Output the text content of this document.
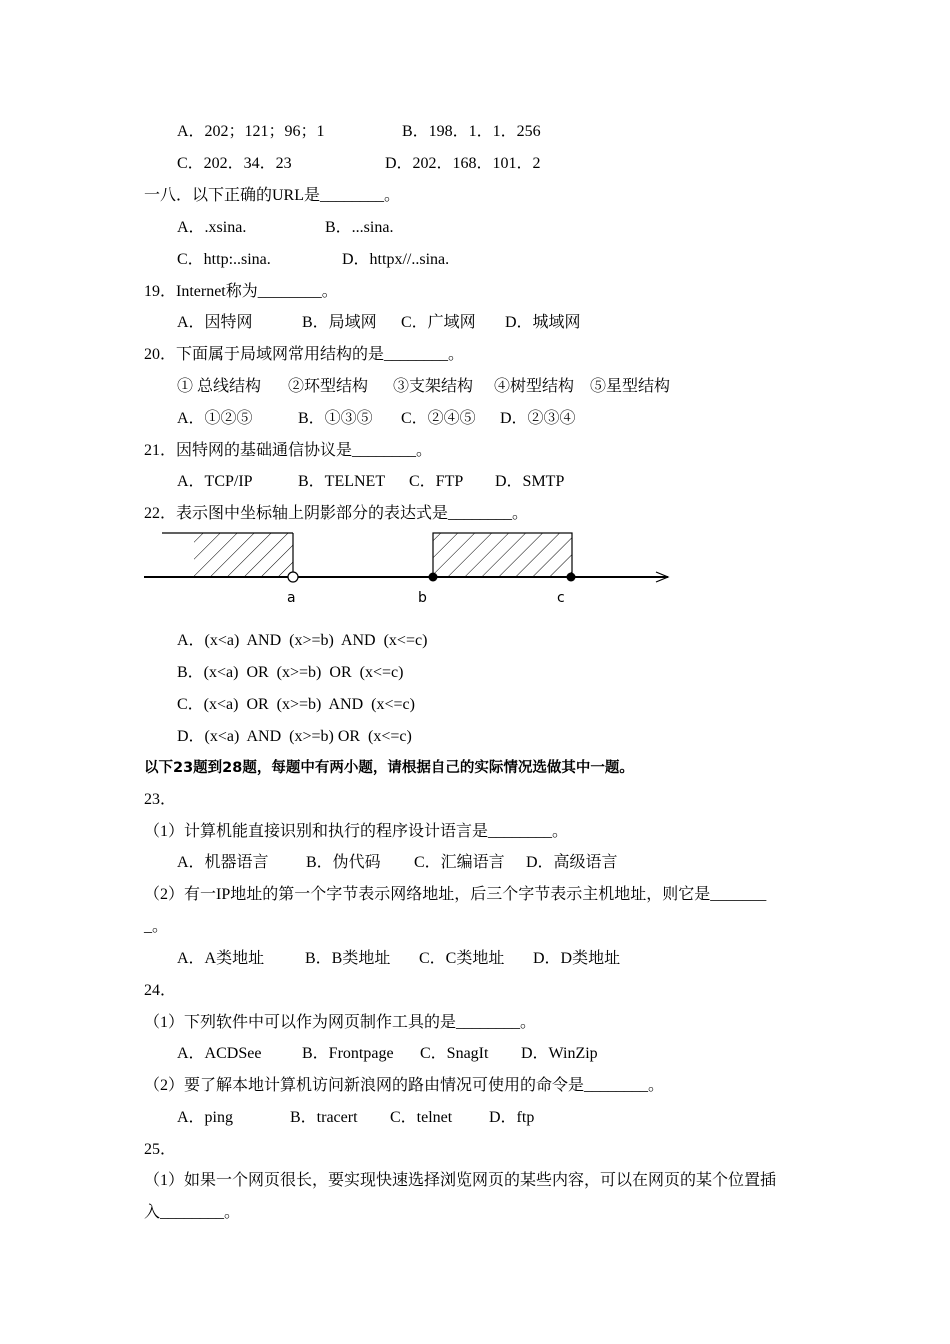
A．202；121；96；1	B．198．1．1．256
C．202．34．23	D．202．168．101．2
一八．以下正确的URL是________。
A．.xsina.	B．...sina.
C．http:..sina.	D．httpx//..sina.
19．Internet称为________。
A．因特网	B．局域网 C．广域网 D．城域网
20．下面属于局域网常用结构的是________。
① 总线结构 ②环型结构 ③支架结构 ④树型结构 ⑤星型结构
A．①②⑤	B．①③⑤ C．②④⑤ D．②③④
21．因特网的基础通信协议是________。
A．TCP/IP	B．TELNET C．FTP D．SMTP
22．表示图中坐标轴上阴影部分的表达式是________。
a	b	c
A．(x<a)  AND  (x>=b)  AND  (x<=c)
B．(x<a)  OR  (x>=b)  OR  (x<=c)
C．(x<a)  OR  (x>=b)  AND  (x<=c)
D．(x<a)  AND  (x>=b) OR  (x<=c)
以下23题到28题，每题中有两小题，请根据自己的实际情况选做其中一题。
23．
（1）计算机能直接识别和执行的程序设计语言是________。
A．机器语言 B．伪代码 C．汇编语言 D．高级语言
（2）有一IP地址的第一个字节表示网络地址，后三个字节表示主机地址，则它是_______
_。
A．A类地址	B．B类地址 C．C类地址 D．D类地址
24．
（1）下列软件中可以作为网页制作工具的是________。
A．ACDSee	B．Frontpage C．SnagIt D．WinZip
（2）要了解本地计算机访问新浪网的路由情况可使用的命令是________。
A．ping	B．tracert C．telnet D．ftp
25．
（1）如果一个网页很长，要实现快速选择浏览网页的某些内容，可以在网页的某个位置插
入________。
